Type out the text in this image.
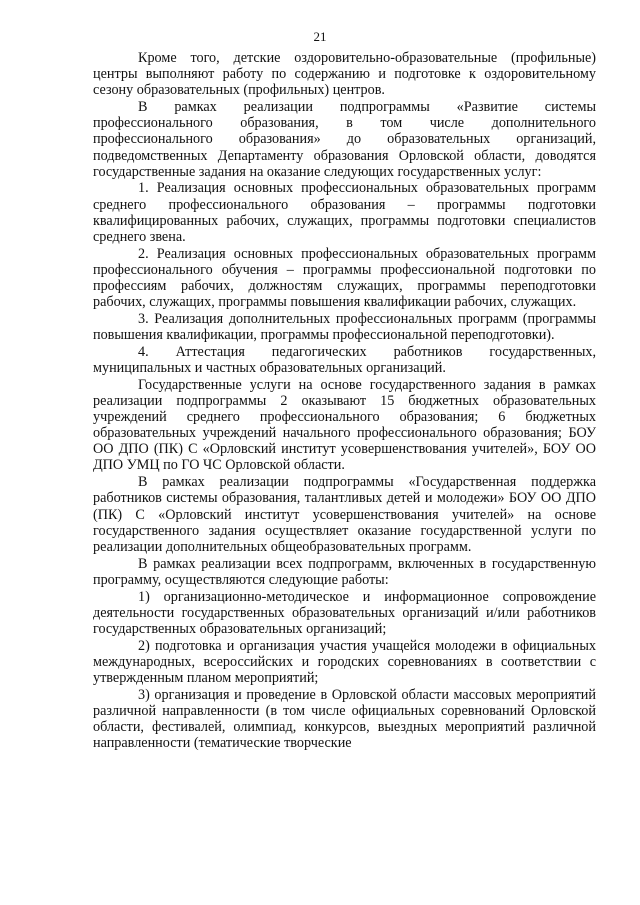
21

Кроме того, детские оздоровительно-образовательные (профильные) центры выполняют работу по содержанию и подготовке к оздоровительному сезону образовательных (профильных) центров.

В рамках реализации подпрограммы «Развитие системы профессионального образования, в том числе дополнительного профессионального образования» до образовательных организаций, подведомственных Департаменту образования Орловской области, доводятся государственные задания на оказание следующих государственных услуг:

1. Реализация основных профессиональных образовательных программ среднего профессионального образования – программы подготовки квалифицированных рабочих, служащих, программы подготовки специалистов среднего звена.

2. Реализация основных профессиональных образовательных программ профессионального обучения – программы профессиональной подготовки по профессиям рабочих, должностям служащих, программы переподготовки рабочих, служащих, программы повышения квалификации рабочих, служащих.

3. Реализация дополнительных профессиональных программ (программы повышения квалификации, программы профессиональной переподготовки).

4. Аттестация педагогических работников государственных, муниципальных и частных образовательных организаций.

Государственные услуги на основе государственного задания в рамках реализации подпрограммы 2 оказывают 15 бюджетных образовательных учреждений среднего профессионального образования; 6 бюджетных образовательных учреждений начального профессионального образования; БОУ ОО ДПО (ПК) С «Орловский институт усовершенствования учителей», БОУ ОО ДПО УМЦ по ГО ЧС Орловской области.

В рамках реализации подпрограммы «Государственная поддержка работников системы образования, талантливых детей и молодежи» БОУ ОО ДПО (ПК) С «Орловский институт усовершенствования учителей» на основе государственного задания осуществляет оказание государственной услуги по реализации дополнительных общеобразовательных программ.

В рамках реализации всех подпрограмм, включенных в государственную программу, осуществляются следующие работы:

1) организационно-методическое и информационное сопровождение деятельности государственных образовательных организаций и/или работников государственных образовательных организаций;

2) подготовка и организация участия учащейся молодежи в официальных международных, всероссийских и городских соревнованиях в соответствии с утвержденным планом мероприятий;

3) организация и проведение в Орловской области массовых мероприятий различной направленности (в том числе официальных соревнований Орловской области, фестивалей, олимпиад, конкурсов, выездных мероприятий различной направленности (тематические творческие
